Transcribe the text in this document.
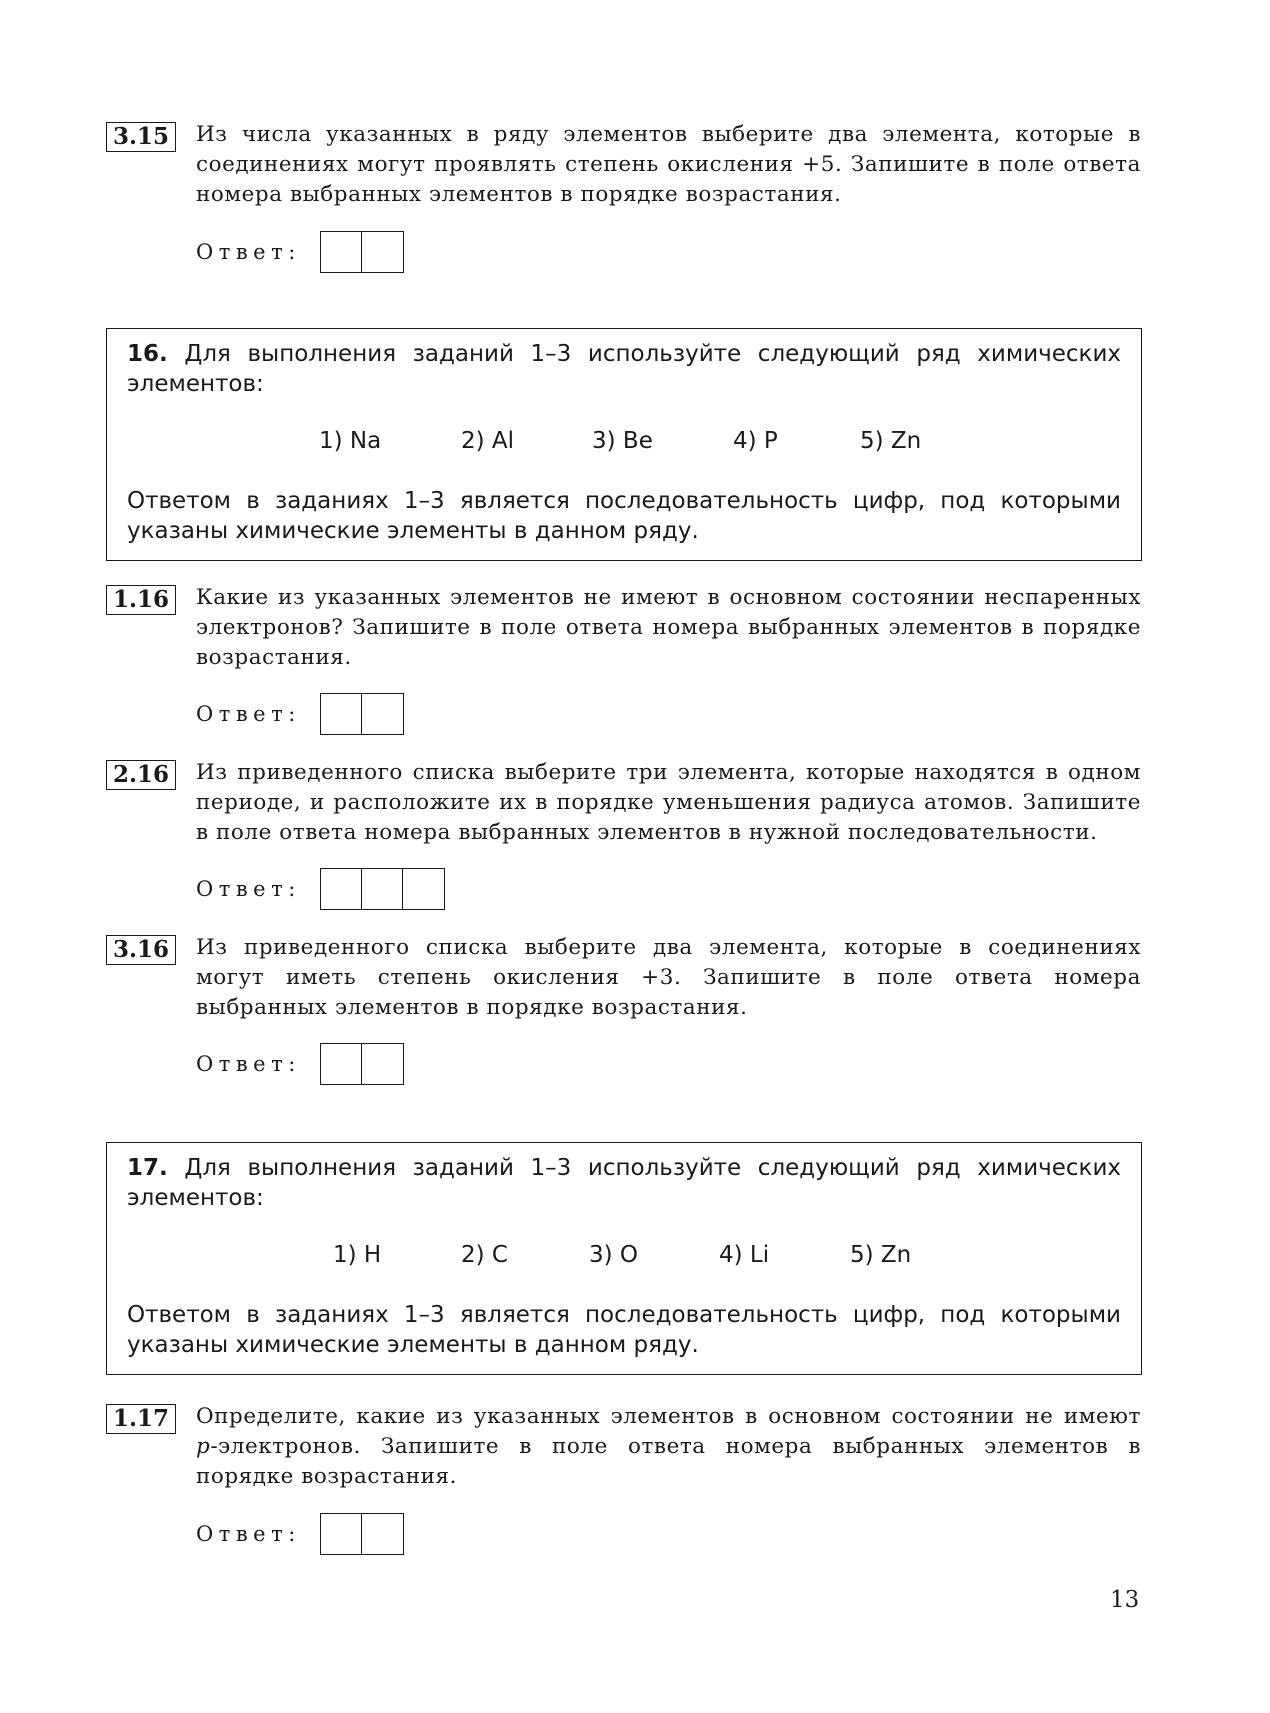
3.15	Из числа указанных в ряду элементов выберите два элемента, которые в соединениях могут проявлять степень окисления +5. Запишите в поле ответа номера выбранных элементов в порядке возрастания.
Ответ:
16. Для выполнения заданий 1–3 используйте следующий ряд химических элементов:
1) Na	2) Al	3) Be	4) P	5) Zn
Ответом в заданиях 1–3 является последовательность цифр, под которыми указаны химические элементы в данном ряду.
1.16	Какие из указанных элементов не имеют в основном состоянии неспаренных электронов? Запишите в поле ответа номера выбранных элементов в порядке возрастания.
Ответ:
2.16	Из приведенного списка выберите три элемента, которые находятся в одном периоде, и расположите их в порядке уменьшения радиуса атомов. Запишите в поле ответа номера выбранных элементов в нужной последовательности.
Ответ:
3.16	Из приведенного списка выберите два элемента, которые в соединениях могут иметь степень окисления +3. Запишите в поле ответа номера выбранных элементов в порядке возрастания.
Ответ:
17. Для выполнения заданий 1–3 используйте следующий ряд химических элементов:
1) H	2) C	3) O	4) Li	5) Zn
Ответом в заданиях 1–3 является последовательность цифр, под которыми указаны химические элементы в данном ряду.
1.17	Определите, какие из указанных элементов в основном состоянии не имеют p-электронов. Запишите в поле ответа номера выбранных элементов в порядке возрастания.
Ответ:
13
